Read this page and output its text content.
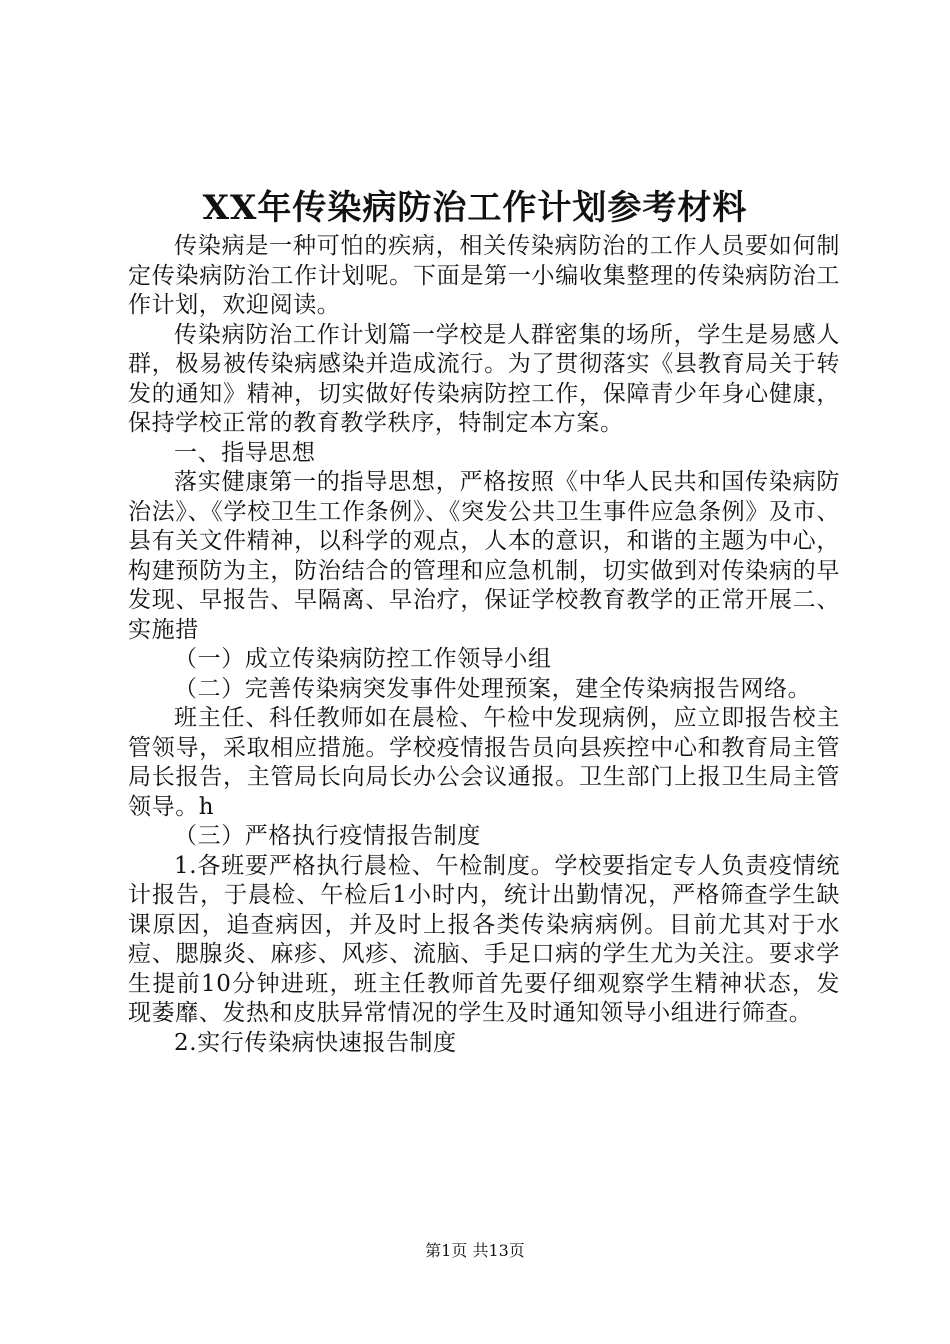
XX年传染病防治工作计划参考材料

传染病是一种可怕的疾病，相关传染病防治的工作人员要如何制定传染病防治工作计划呢。下面是第一小编收集整理的传染病防治工作计划，欢迎阅读。

传染病防治工作计划篇一学校是人群密集的场所，学生是易感人群，极易被传染病感染并造成流行。为了贯彻落实《县教育局关于转发的通知》精神，切实做好传染病防控工作，保障青少年身心健康，保持学校正常的教育教学秩序，特制定本方案。

一、指导思想

落实健康第一的指导思想，严格按照《中华人民共和国传染病防治法》、《学校卫生工作条例》、《突发公共卫生事件应急条例》及市、县有关文件精神，以科学的观点，人本的意识，和谐的主题为中心，构建预防为主，防治结合的管理和应急机制，切实做到对传染病的早发现、早报告、早隔离、早治疗，保证学校教育教学的正常开展二、实施措

（一）成立传染病防控工作领导小组

（二）完善传染病突发事件处理预案，建全传染病报告网络。

班主任、科任教师如在晨检、午检中发现病例，应立即报告校主管领导，采取相应措施。学校疫情报告员向县疾控中心和教育局主管局长报告，主管局长向局长办公会议通报。卫生部门上报卫生局主管领导。h

（三）严格执行疫情报告制度

1.各班要严格执行晨检、午检制度。学校要指定专人负责疫情统计报告，于晨检、午检后1小时内，统计出勤情况，严格筛查学生缺课原因，追查病因，并及时上报各类传染病病例。目前尤其对于水痘、腮腺炎、麻疹、风疹、流脑、手足口病的学生尤为关注。要求学生提前10分钟进班，班主任教师首先要仔细观察学生精神状态，发现萎靡、发热和皮肤异常情况的学生及时通知领导小组进行筛查。

2.实行传染病快速报告制度

第1页 共13页
